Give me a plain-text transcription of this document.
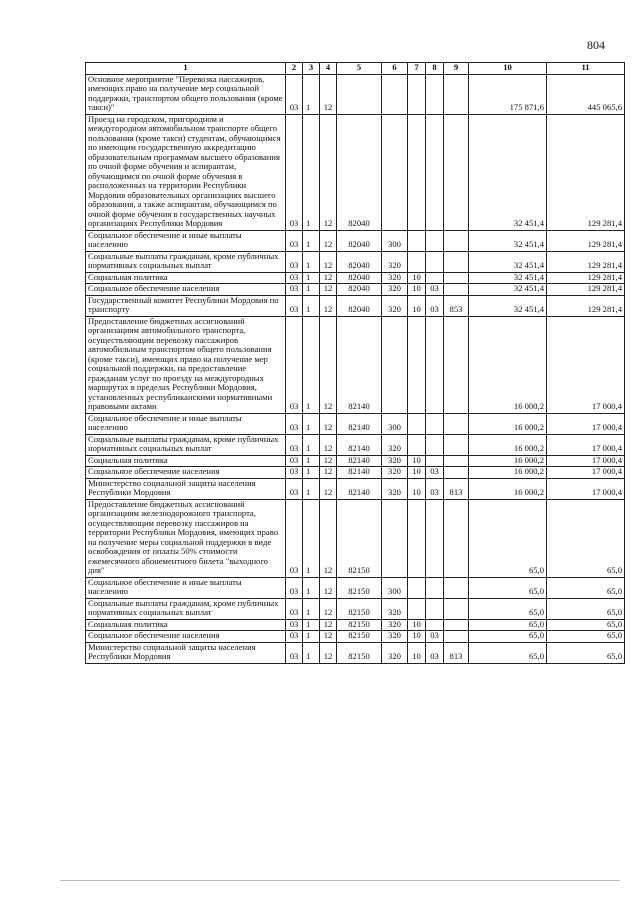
804
1	2	3	4	5	6	7	8	9	10	11
Основное мероприятие "Перевозка пассажиров, имеющих право на получение мер социальной поддержки, транспортом общего пользования (кроме такси)"	03	1	12						175 871,6	445 065,6
Проезд на городском, пригородном и междугородном автомобильном транспорте общего пользования (кроме такси) студентам, обучающимся по имеющим государственную аккредитацию образовательным программам высшего образования по очной форме обучения и аспирантам, обучающимся по очной форме обучения в расположенных на территории Республики Мордовия образовательных организациях высшего образования, а также аспирантам, обучающимся по очной форме обучения в государственных научных организациях Республики Мордовия	03	1	12	82040					32 451,4	129 281,4
Социальное обеспечение и иные выплаты населению	03	1	12	82040	300				32 451,4	129 281,4
Социальные выплаты гражданам, кроме публичных нормативных социальных выплат	03	1	12	82040	320				32 451,4	129 281,4
Социальная политика	03	1	12	82040	320	10			32 451,4	129 281,4
Социальное обеспечение населения	03	1	12	82040	320	10	03		32 451,4	129 281,4
Государственный комитет Республики Мордовия по транспорту	03	1	12	82040	320	10	03	853	32 451,4	129 281,4
Предоставление бюджетных ассигнований организациям автомобильного транспорта, осуществляющим перевозку пассажиров автомобильным транспортом общего пользования (кроме такси), имеющих право на получение мер социальной поддержки, на предоставление гражданам услуг по проезду на междугородных маршрутах в пределах Республики Мордовия, установленных республиканскими нормативными правовыми актами	03	1	12	82140					16 000,2	17 000,4
Социальное обеспечение и иные выплаты населению	03	1	12	82140	300				16 000,2	17 000,4
Социальные выплаты гражданам, кроме публичных нормативных социальных выплат	03	1	12	82140	320				16 000,2	17 000,4
Социальная политика	03	1	12	82140	320	10			16 000,2	17 000,4
Социальное обеспечение населения	03	1	12	82140	320	10	03		16 000,2	17 000,4
Министерство социальной защиты населения Республики Мордовия	03	1	12	82140	320	10	03	813	16 000,2	17 000,4
Предоставление бюджетных ассигнований организациям железнодорожного транспорта, осуществляющим перевозку пассажиров на территории Республики Мордовия, имеющих право на получение меры социальной поддержки в виде освобождения от оплаты 50% стоимости ежемесячного абонементного билета "выходного дня"	03	1	12	82150					65,0	65,0
Социальное обеспечение и иные выплаты населению	03	1	12	82150	300				65,0	65,0
Социальные выплаты гражданам, кроме публичных нормативных социальных выплат	03	1	12	82150	320				65,0	65,0
Социальная политика	03	1	12	82150	320	10			65,0	65,0
Социальное обеспечение населения	03	1	12	82150	320	10	03		65,0	65,0
Министерство социальной защиты населения Республики Мордовия	03	1	12	82150	320	10	03	813	65,0	65,0
